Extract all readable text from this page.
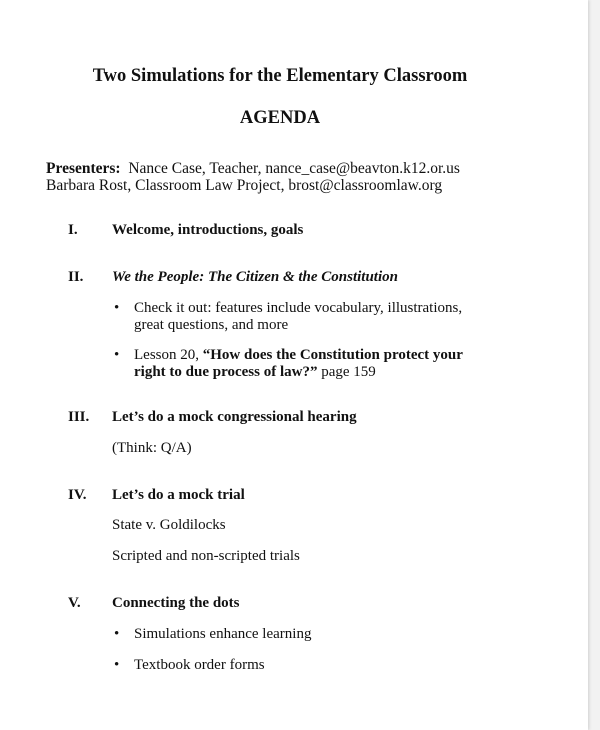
Two Simulations for the Elementary Classroom
AGENDA
Presenters: Nance Case, Teacher, nance_case@beavton.k12.or.us
Barbara Rost, Classroom Law Project, brost@classroomlaw.org
I. Welcome, introductions, goals
II. We the People: The Citizen & the Constitution
• Check it out: features include vocabulary, illustrations,
great questions, and more
• Lesson 20, “How does the Constitution protect your
right to due process of law?” page 159
III. Let’s do a mock congressional hearing
(Think: Q/A)
IV. Let’s do a mock trial
State v. Goldilocks
Scripted and non-scripted trials
V. Connecting the dots
• Simulations enhance learning
• Textbook order forms
